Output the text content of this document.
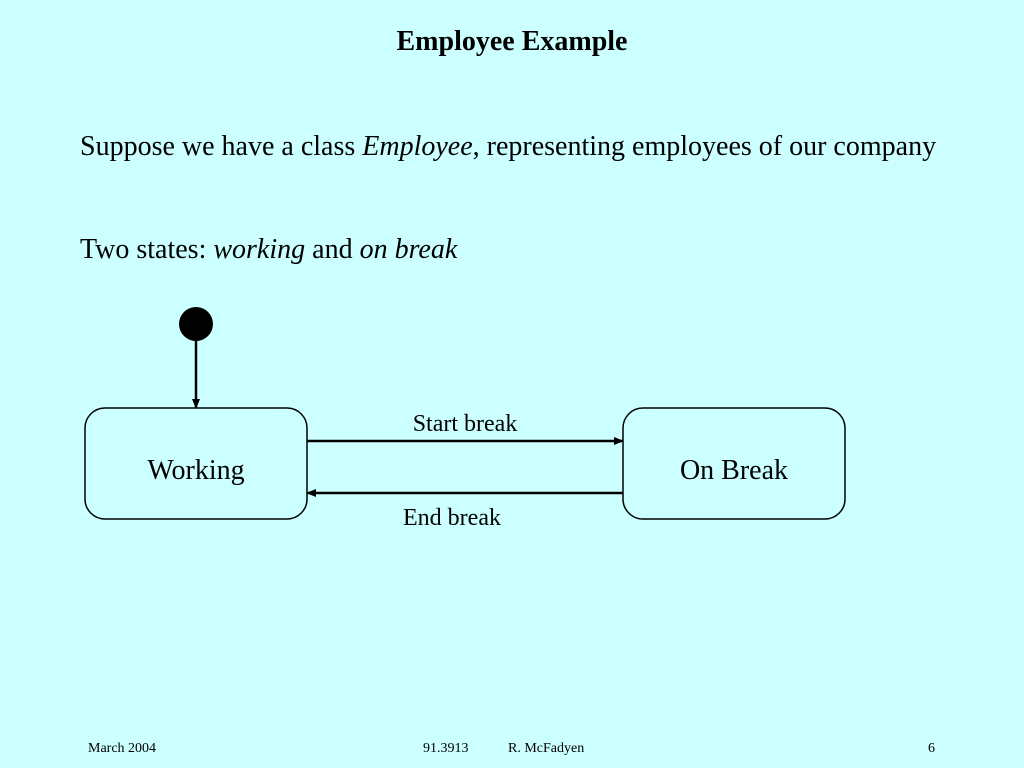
Employee Example
Suppose we have a class Employee, representing employees of our company
Two states: working and on break
Working	On Break
Start break
End break
March 2004	91.3913	R. McFadyen	6
